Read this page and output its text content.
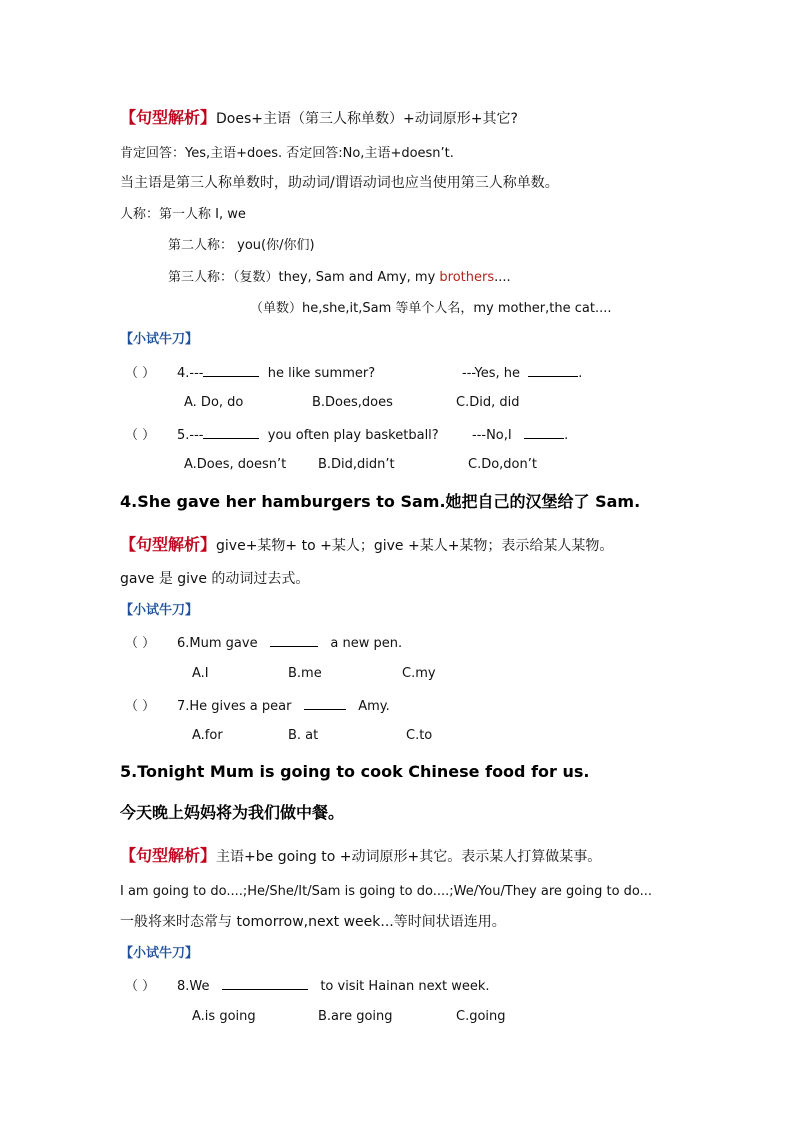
【句型解析】Does+主语（第三人称单数）+动词原形+其它?
肯定回答：Yes,主语+does. 否定回答:No,主语+doesn’t.
当主语是第三人称单数时，助动词/谓语动词也应当使用第三人称单数。
人称：第一人称 I, we
第二人称： you(你/你们)
第三人称：（复数）they, Sam and Amy, my brothers....
（单数）he,she,it,Sam 等单个人名，my mother,the cat....
【小试牛刀】
（ ） 4.---	he like summer?	---Yes, he	.
A. Do, do	B.Does,does	C.Did, did
（ ） 5.---	you often play basketball?	---No,I	.
A.Does, doesn’t B.Did,didn’t	C.Do,don’t
4.She gave her hamburgers to Sam.她把自己的汉堡给了 Sam.
【句型解析】give+某物+ to +某人；give +某人+某物；表示给某人某物。
gave 是 give 的动词过去式。
【小试牛刀】
（ ） 6.Mum gave	a new pen.
A.I	B.me	C.my
（ ） 7.He gives a pear	Amy.
A.for	B. at	C.to
5.Tonight Mum is going to cook Chinese food for us.
今天晚上妈妈将为我们做中餐。
【句型解析】主语+be going to +动词原形+其它。表示某人打算做某事。
I am going to do....;He/She/It/Sam is going to do....;We/You/They are going to do...
一般将来时态常与 tomorrow,next week...等时间状语连用。
【小试牛刀】
（ ） 8.We	to visit Hainan next week.
A.is going	B.are going	C.going
